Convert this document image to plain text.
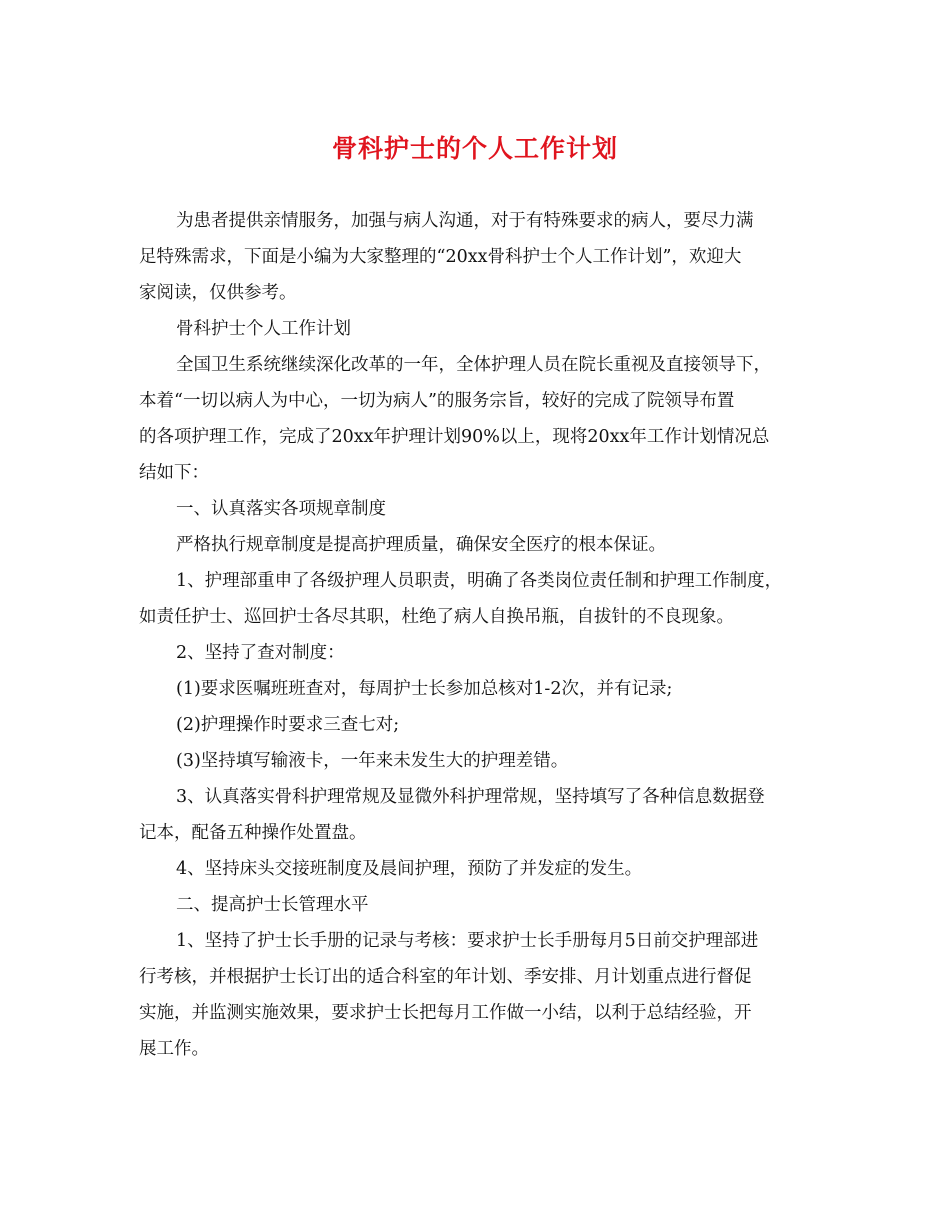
骨科护士的个人工作计划
为患者提供亲情服务，加强与病人沟通，对于有特殊要求的病人，要尽力满
足特殊需求，下面是小编为大家整理的“20xx骨科护士个人工作计划”，欢迎大
家阅读，仅供参考。
骨科护士个人工作计划
全国卫生系统继续深化改革的一年，全体护理人员在院长重视及直接领导下，
本着“一切以病人为中心，一切为病人”的服务宗旨，较好的完成了院领导布置
的各项护理工作，完成了20xx年护理计划90%以上，现将20xx年工作计划情况总
结如下：
一、认真落实各项规章制度
严格执行规章制度是提高护理质量，确保安全医疗的根本保证。
1、护理部重申了各级护理人员职责，明确了各类岗位责任制和护理工作制度，
如责任护士、巡回护士各尽其职，杜绝了病人自换吊瓶，自拔针的不良现象。
2、坚持了查对制度：
(1)要求医嘱班班查对，每周护士长参加总核对1-2次，并有记录;
(2)护理操作时要求三查七对;
(3)坚持填写输液卡，一年来未发生大的护理差错。
3、认真落实骨科护理常规及显微外科护理常规，坚持填写了各种信息数据登
记本，配备五种操作处置盘。
4、坚持床头交接班制度及晨间护理，预防了并发症的发生。
二、提高护士长管理水平
1、坚持了护士长手册的记录与考核：要求护士长手册每月5日前交护理部进
行考核，并根据护士长订出的适合科室的年计划、季安排、月计划重点进行督促
实施，并监测实施效果，要求护士长把每月工作做一小结，以利于总结经验，开
展工作。
